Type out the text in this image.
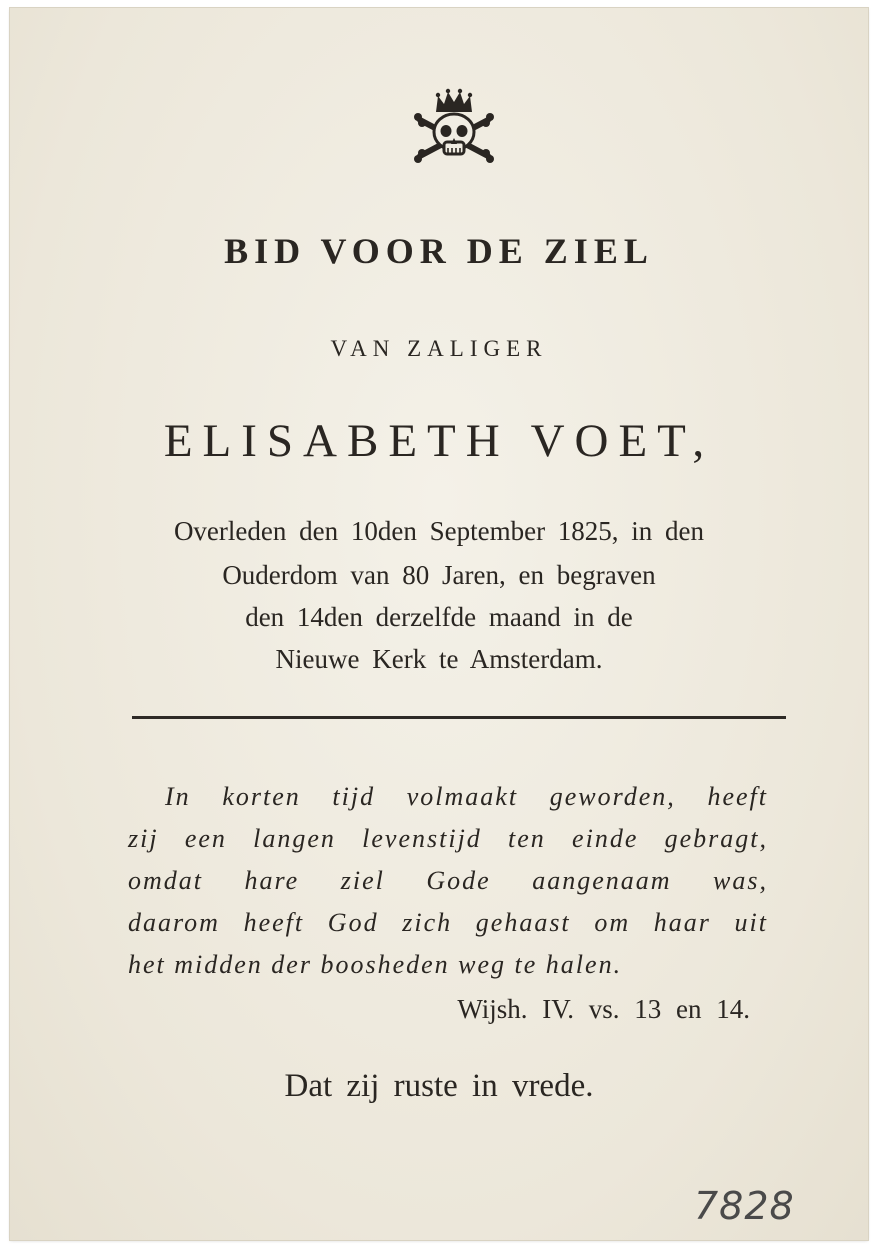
BID VOOR DE ZIEL
VAN ZALIGER
ELISABETH VOET,
Overleden den 10den September 1825, in den
Ouderdom van 80 Jaren, en begraven
den 14den derzelfde maand in de
Nieuwe Kerk te Amsterdam.
In korten tijd volmaakt geworden, heeft
zij een langen levenstijd ten einde gebragt,
omdat hare ziel Gode aangenaam was,
daarom heeft God zich gehaast om haar uit
het midden der boosheden weg te halen.
Wijsh. IV. vs. 13 en 14.
Dat zij ruste in vrede.
7828
